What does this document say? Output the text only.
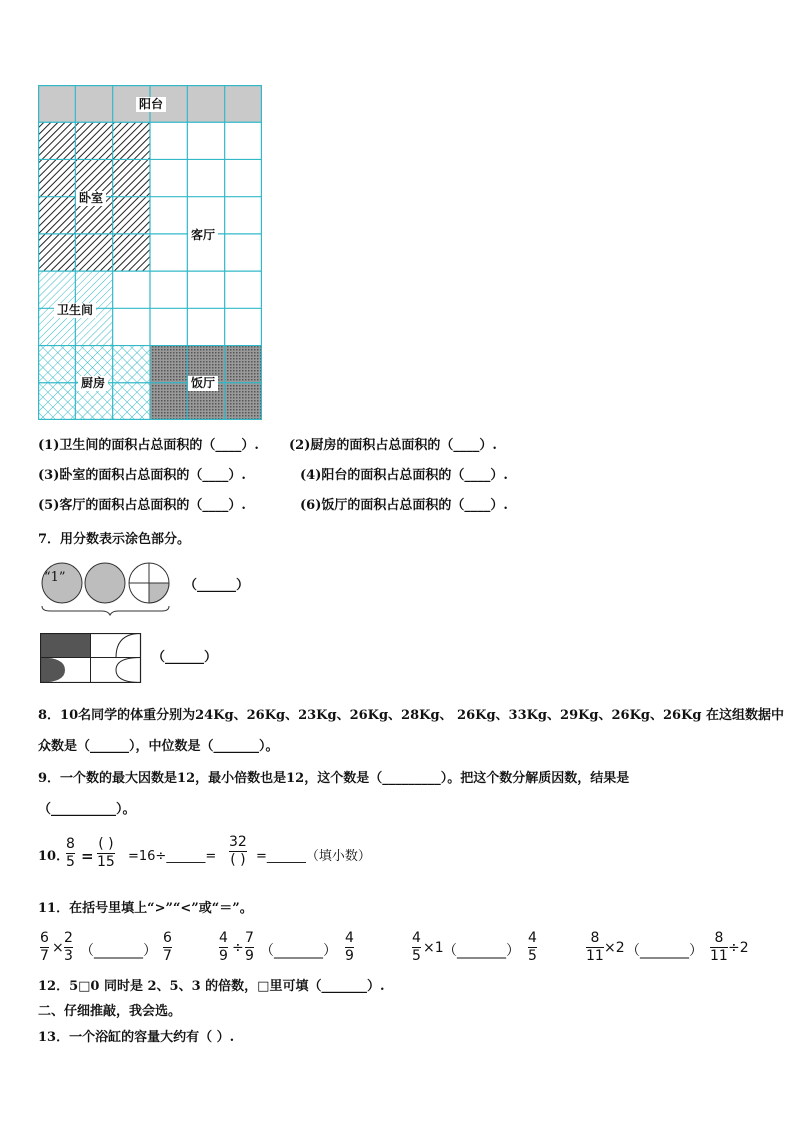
阳台
卧室
客厅
卫生间
厨房	饭厅
(1)卫生间的面积占总面积的（____）. (2)厨房的面积占总面积的（____）.
(3)卧室的面积占总面积的（____）.	(4)阳台的面积占总面积的（____）.
(5)客厅的面积占总面积的（____）.	(6)饭厅的面积占总面积的（____）.
7．用分数表示涂色部分。
“1”
（______）
（______）
8．10名同学的体重分别为24Kg、26Kg、23Kg、26Kg、28Kg、 26Kg、33Kg、29Kg、26Kg、26Kg 在这组数据中
众数是（______），中位数是（_______）。
9．一个数的最大因数是12，最小倍数也是12，这个数是（_________）。把这个数分解质因数，结果是
（__________）。
10．
8
5 =
( )
15 =16÷______=
32
( ) =______（填小数）
11．在括号里填上“>”“<”或“＝”。
6
7 ×
2
3 （_______）
6
7
4
9 ÷
7
9 （_______）
4
9
4
5 ×1 （_______）
4
5
8
11 ×2 （_______）
8
11 ÷2
12．5□0 同时是 2、5、3 的倍数，□里可填（_______）.
二、仔细推敲，我会选。
13．一个浴缸的容量大约有（ ）.
